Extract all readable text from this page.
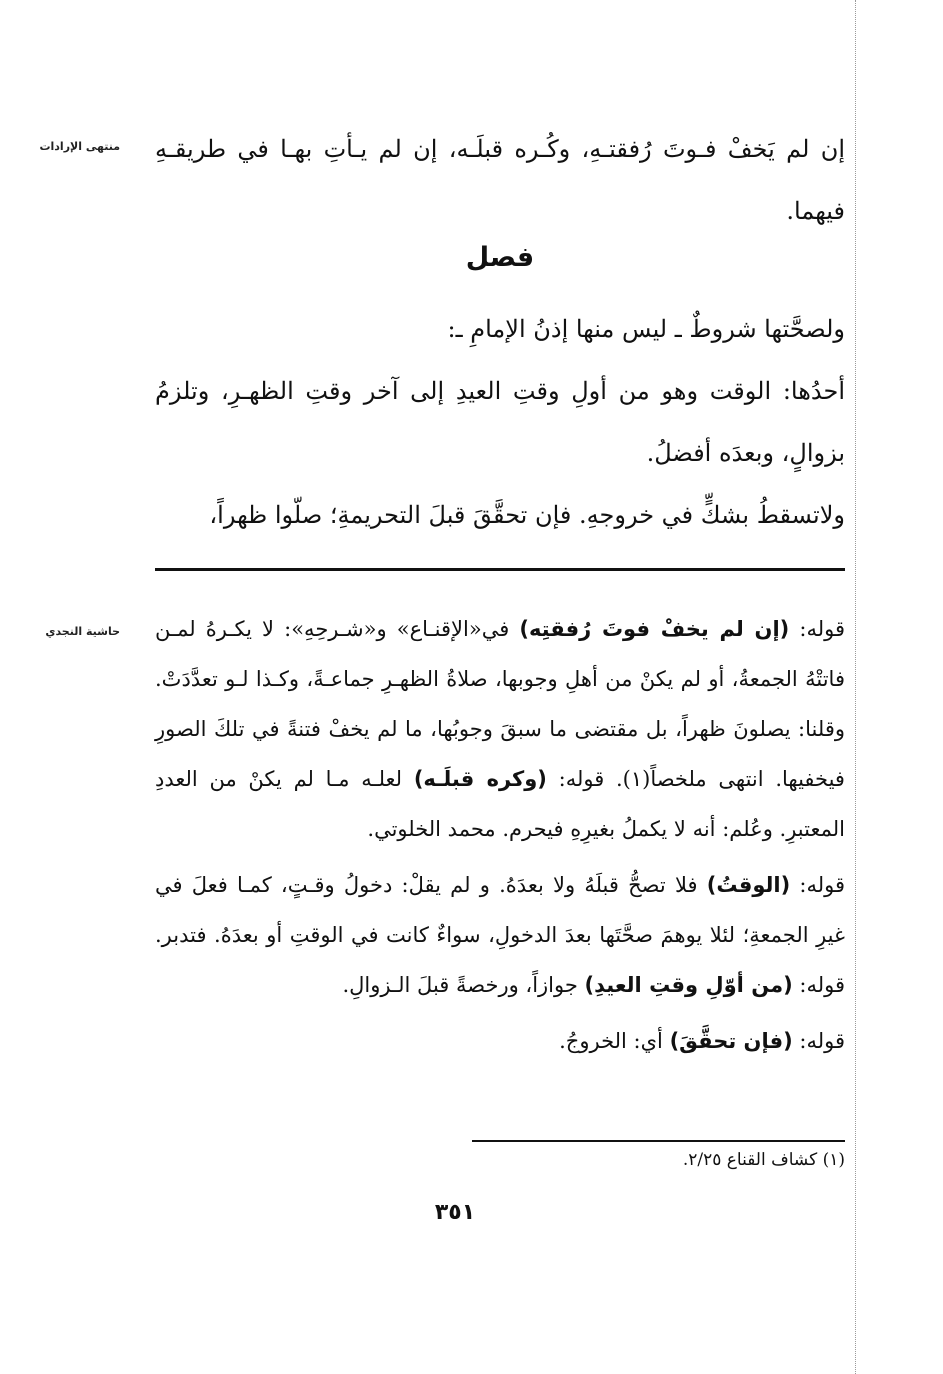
منتهى الإرادات
حاشية النجدي

إن لم يَخفْ فـوتَ رُفقتـهِ، وكُـره قبلَـه، إن لم يـأتِ بهـا في طريقـهِ فيهما.

فصل

ولصحَّتها شروطٌ ـ ليس منها إذنُ الإمامِ ـ:

أحدُها: الوقت وهو من أولِ وقتِ العيدِ إلى آخر وقتِ الظهـرِ، وتلزمُ بزوالٍ، وبعدَه أفضلُ.

ولاتسقطُ بشكٍّ في خروجهِ. فإن تحقَّقَ قبلَ التحريمةِ؛ صلّوا ظهراً،

قوله: (إن لم يخفْ فوتَ رُفقتِه) في«الإقنـاع» و«شـرحِهِ»: لا يكـرهُ لمـن فاتتْهُ الجمعةُ، أو لم يكنْ من أهلِ وجوبها، صلاةُ الظهـرِ جماعـةً، وكـذا لـو تعدَّدَتْ. وقلنا: يصلونَ ظهراً، بل مقتضى ما سبقَ وجوبُها، ما لم يخفْ فتنةً في تلكَ الصورِ فيخفيها. انتهى ملخصاً(١). قوله: (وكره قبلَـه) لعلـه مـا لم يكنْ من العددِ المعتبرِ. وعُلم: أنه لا يكملُ بغيرِهِ فيحرم. محمد الخلوتي.

قوله: (الوقتُ) فلا تصحُّ قبلَهُ ولا بعدَهُ. و لم يقلْ: دخولُ وقـتٍ، كمـا فعلَ في غيرِ الجمعةِ؛ لئلا يوهمَ صحَّتَها بعدَ الدخولِ، سواءٌ كانت في الوقتِ أو بعدَهُ. فتدبر. قوله: (من أوّلِ وقتِ العيدِ) جوازاً، ورخصةً قبلَ الـزوالِ.

قوله: (فإن تحقَّقَ) أي: الخروجُ.

(١) كشاف القناع ٢/٢٥.
٣٥١
